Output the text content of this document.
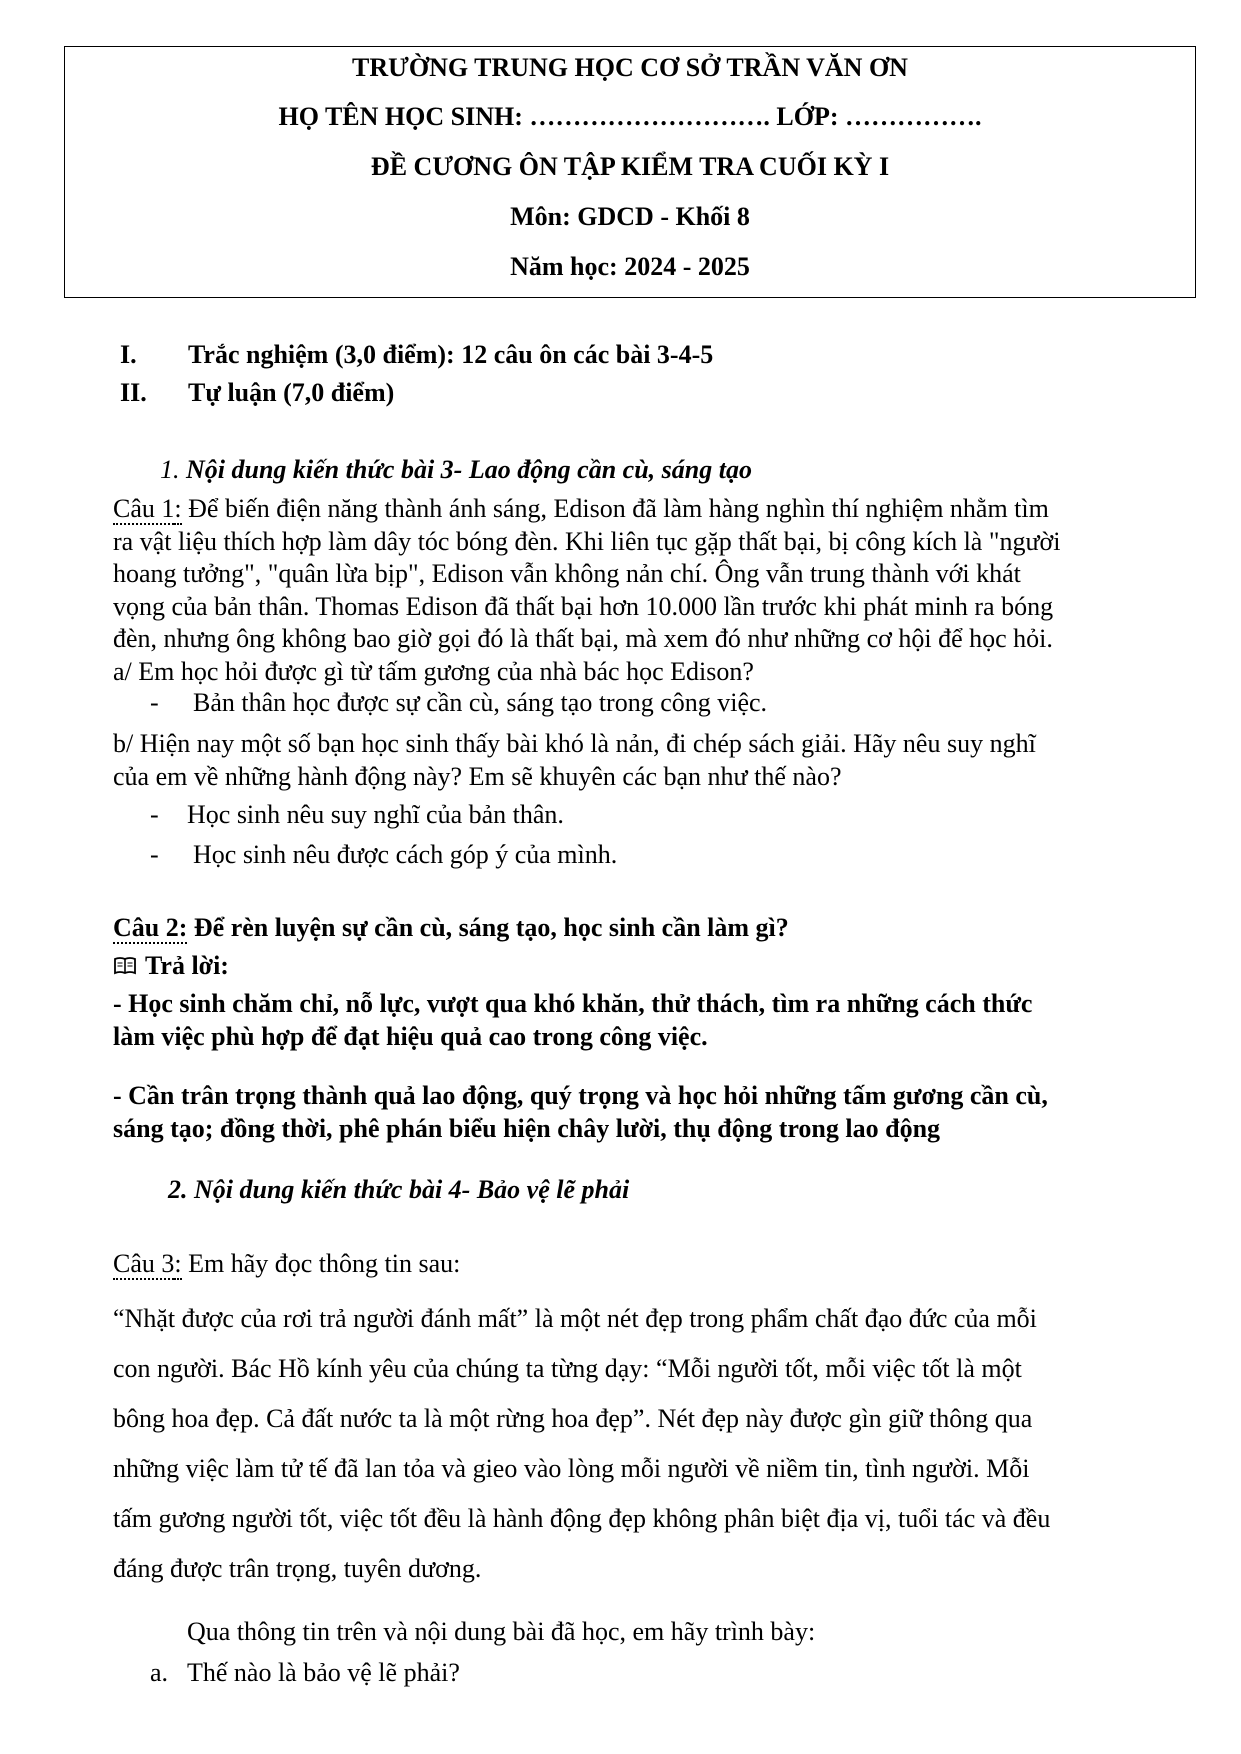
TRƯỜNG TRUNG HỌC CƠ SỞ TRẦN VĂN ƠN
HỌ TÊN HỌC SINH: ………………………. LỚP: …………….
ĐỀ CƯƠNG ÔN TẬP KIỂM TRA CUỐI KỲ I
Môn: GDCD - Khối 8
Năm học: 2024 - 2025
I. Trắc nghiệm (3,0 điểm): 12 câu ôn các bài 3-4-5
II. Tự luận (7,0 điểm)
1. Nội dung kiến thức bài 3- Lao động cần cù, sáng tạo
Câu 1: Để biến điện năng thành ánh sáng, Edison đã làm hàng nghìn thí nghiệm nhằm tìm
ra vật liệu thích hợp làm dây tóc bóng đèn. Khi liên tục gặp thất bại, bị công kích là "người
hoang tưởng", "quân lừa bịp", Edison vẫn không nản chí. Ông vẫn trung thành với khát
vọng của bản thân. Thomas Edison đã thất bại hơn 10.000 lần trước khi phát minh ra bóng
đèn, nhưng ông không bao giờ gọi đó là thất bại, mà xem đó như những cơ hội để học hỏi.
a/ Em học hỏi được gì từ tấm gương của nhà bác học Edison?
- Bản thân học được sự cần cù, sáng tạo trong công việc.
b/ Hiện nay một số bạn học sinh thấy bài khó là nản, đi chép sách giải. Hãy nêu suy nghĩ
của em về những hành động này? Em sẽ khuyên các bạn như thế nào?
- Học sinh nêu suy nghĩ của bản thân.
- Học sinh nêu được cách góp ý của mình.
Câu 2: Để rèn luyện sự cần cù, sáng tạo, học sinh cần làm gì?
Trả lời:
- Học sinh chăm chỉ, nỗ lực, vượt qua khó khăn, thử thách, tìm ra những cách thức
làm việc phù hợp để đạt hiệu quả cao trong công việc.
- Cần trân trọng thành quả lao động, quý trọng và học hỏi những tấm gương cần cù,
sáng tạo; đồng thời, phê phán biểu hiện chây lười, thụ động trong lao động
2. Nội dung kiến thức bài 4- Bảo vệ lẽ phải
Câu 3: Em hãy đọc thông tin sau:
“Nhặt được của rơi trả người đánh mất” là một nét đẹp trong phẩm chất đạo đức của mỗi
con người. Bác Hồ kính yêu của chúng ta từng dạy: “Mỗi người tốt, mỗi việc tốt là một
bông hoa đẹp. Cả đất nước ta là một rừng hoa đẹp”. Nét đẹp này được gìn giữ thông qua
những việc làm tử tế đã lan tỏa và gieo vào lòng mỗi người về niềm tin, tình người. Mỗi
tấm gương người tốt, việc tốt đều là hành động đẹp không phân biệt địa vị, tuổi tác và đều
đáng được trân trọng, tuyên dương.
Qua thông tin trên và nội dung bài đã học, em hãy trình bày:
a. Thế nào là bảo vệ lẽ phải?
